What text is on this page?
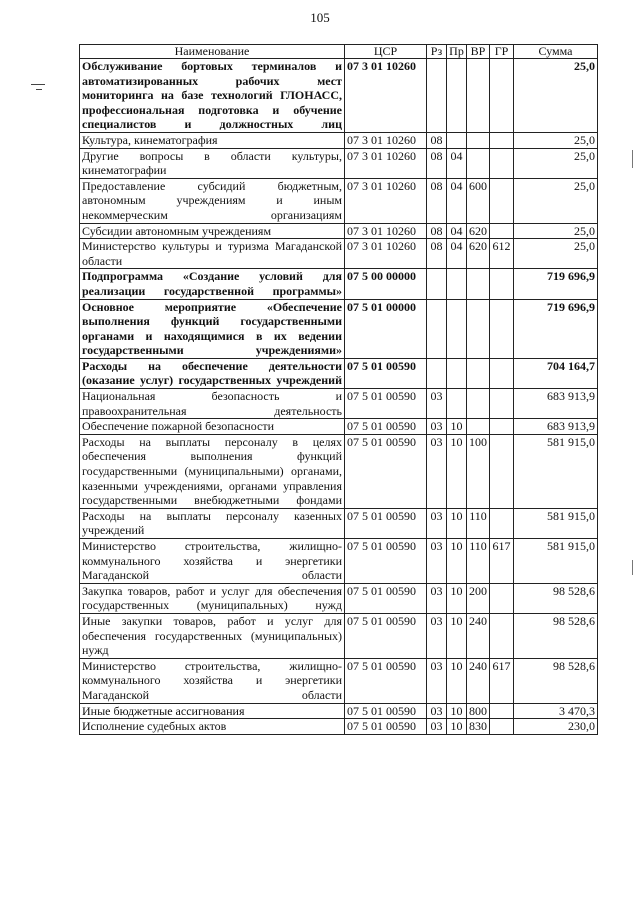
105
Наименование	ЦСР	Рз	Пр	ВР	ГР	Сумма
Обслуживание бортовых терминалов и автоматизированных рабочих мест мониторинга на базе технологий ГЛОНАСС, профессиональная подготовка и обучение специалистов и должностных лиц	07 3 01 10260					25,0
Культура, кинематография	07 3 01 10260	08				25,0
Другие вопросы в области культуры, кинематографии	07 3 01 10260	08	04			25,0
Предоставление субсидий бюджетным, автономным учреждениям и иным некоммерческим организациям	07 3 01 10260	08	04	600		25,0
Субсидии автономным учреждениям	07 3 01 10260	08	04	620		25,0
Министерство культуры и туризма Магаданской области	07 3 01 10260	08	04	620	612	25,0
Подпрограмма «Создание условий для реализации государственной программы»	07 5 00 00000					719 696,9
Основное мероприятие «Обеспечение выполнения функций государственными органами и находящимися в их ведении государственными учреждениями»	07 5 01 00000					719 696,9
Расходы на обеспечение деятельности (оказание услуг) государственных учреждений	07 5 01 00590					704 164,7
Национальная безопасность и правоохранительная деятельность	07 5 01 00590	03				683 913,9
Обеспечение пожарной безопасности	07 5 01 00590	03	10			683 913,9
Расходы на выплаты персоналу в целях обеспечения выполнения функций государственными (муниципальными) органами, казенными учреждениями, органами управления государственными внебюджетными фондами	07 5 01 00590	03	10	100		581 915,0
Расходы на выплаты персоналу казенных учреждений	07 5 01 00590	03	10	110		581 915,0
Министерство строительства, жилищно-коммунального хозяйства и энергетики Магаданской области	07 5 01 00590	03	10	110	617	581 915,0
Закупка товаров, работ и услуг для обеспечения государственных (муниципальных) нужд	07 5 01 00590	03	10	200		98 528,6
Иные закупки товаров, работ и услуг для обеспечения государственных (муниципальных) нужд	07 5 01 00590	03	10	240		98 528,6
Министерство строительства, жилищно-коммунального хозяйства и энергетики Магаданской области	07 5 01 00590	03	10	240	617	98 528,6
Иные бюджетные ассигнования	07 5 01 00590	03	10	800		3 470,3
Исполнение судебных актов	07 5 01 00590	03	10	830		230,0
